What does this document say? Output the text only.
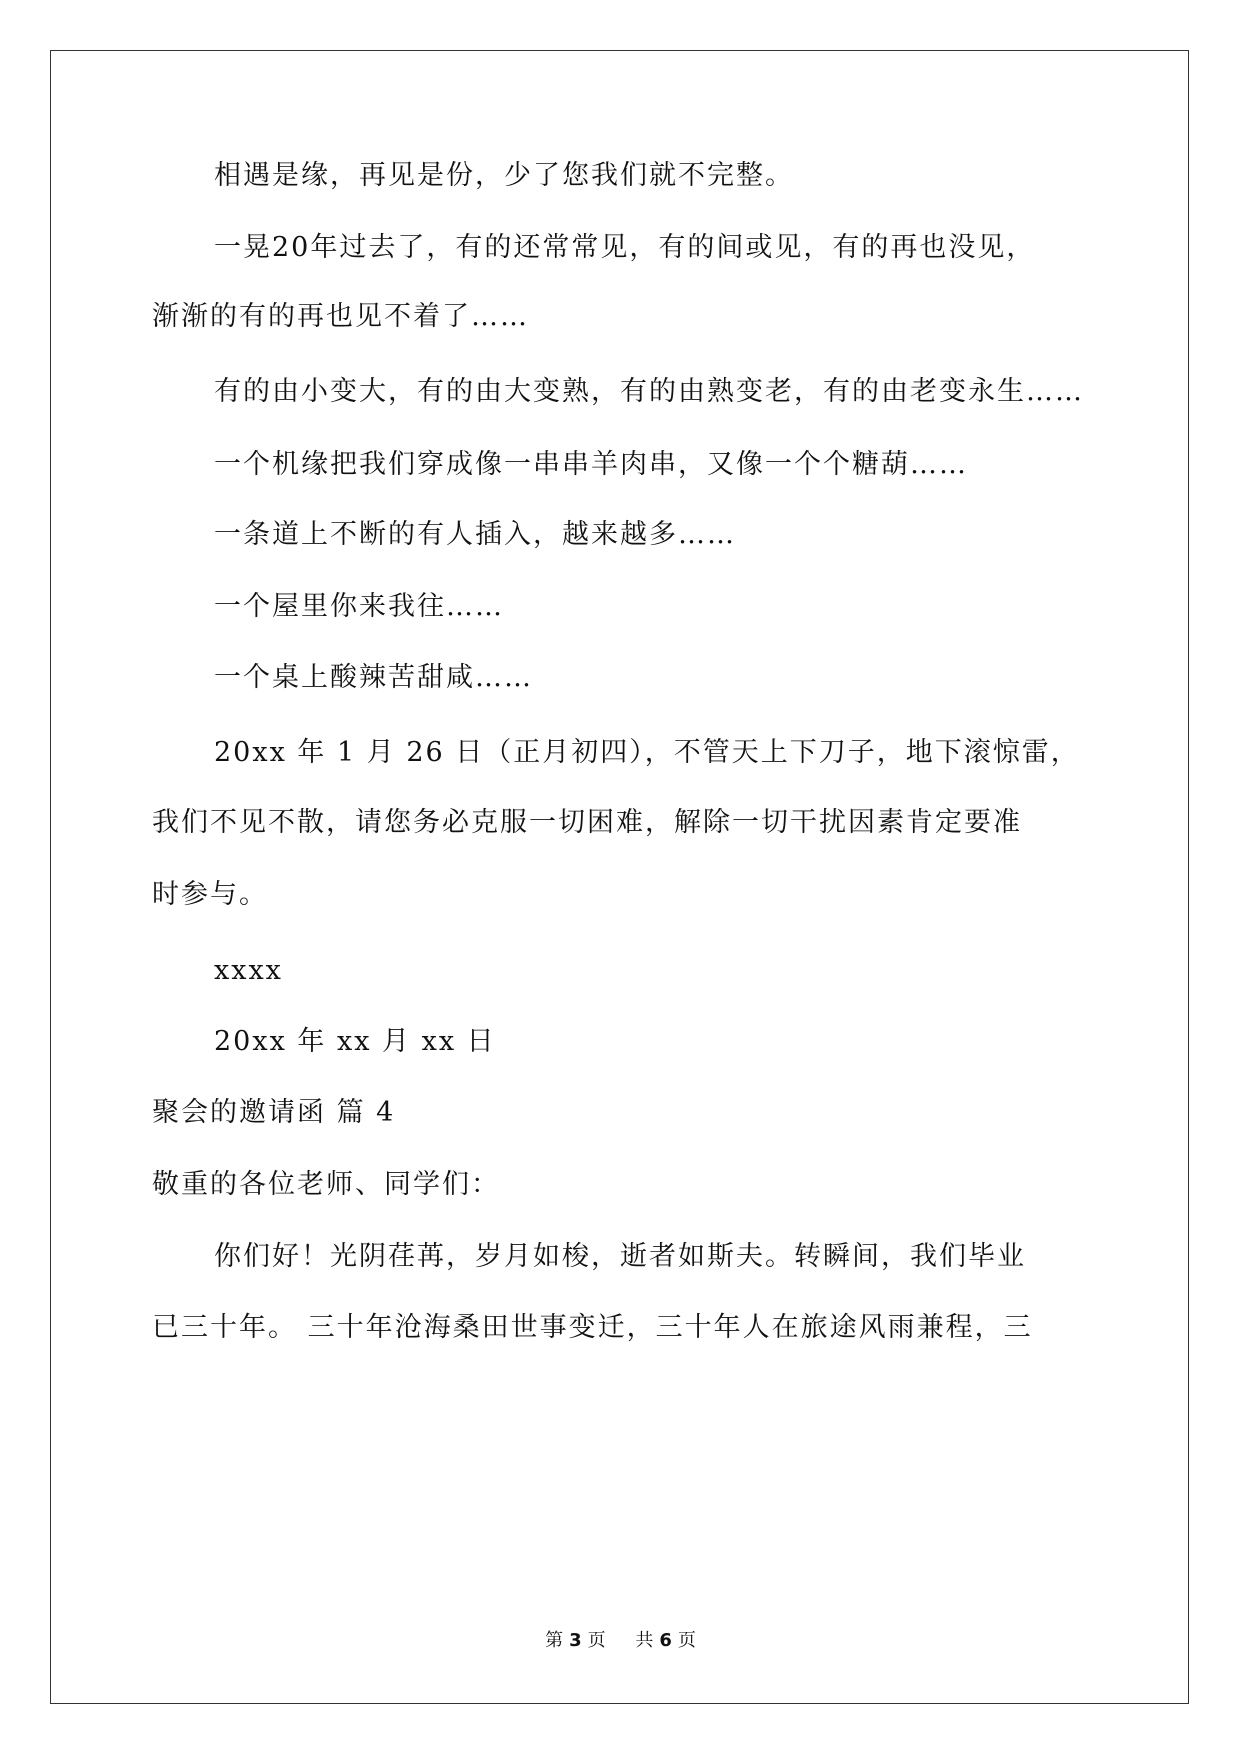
相遇是缘，再见是份，少了您我们就不完整。
一晃20年过去了，有的还常常见，有的间或见，有的再也没见，
渐渐的有的再也见不着了……
有的由小变大，有的由大变熟，有的由熟变老，有的由老变永生……
一个机缘把我们穿成像一串串羊肉串，又像一个个糖葫……
一条道上不断的有人插入，越来越多……
一个屋里你来我往……
一个桌上酸辣苦甜咸……
20xx 年 1 月 26 日（正月初四），不管天上下刀子，地下滚惊雷，
我们不见不散，请您务必克服一切困难，解除一切干扰因素肯定要准
时参与。
xxxx
20xx 年 xx 月 xx 日
聚会的邀请函 篇 4
敬重的各位老师、同学们：
你们好！光阴荏苒，岁月如梭，逝者如斯夫。转瞬间，我们毕业
已三十年。 三十年沧海桑田世事变迁，三十年人在旅途风雨兼程，三
第 3 页 共 6 页
